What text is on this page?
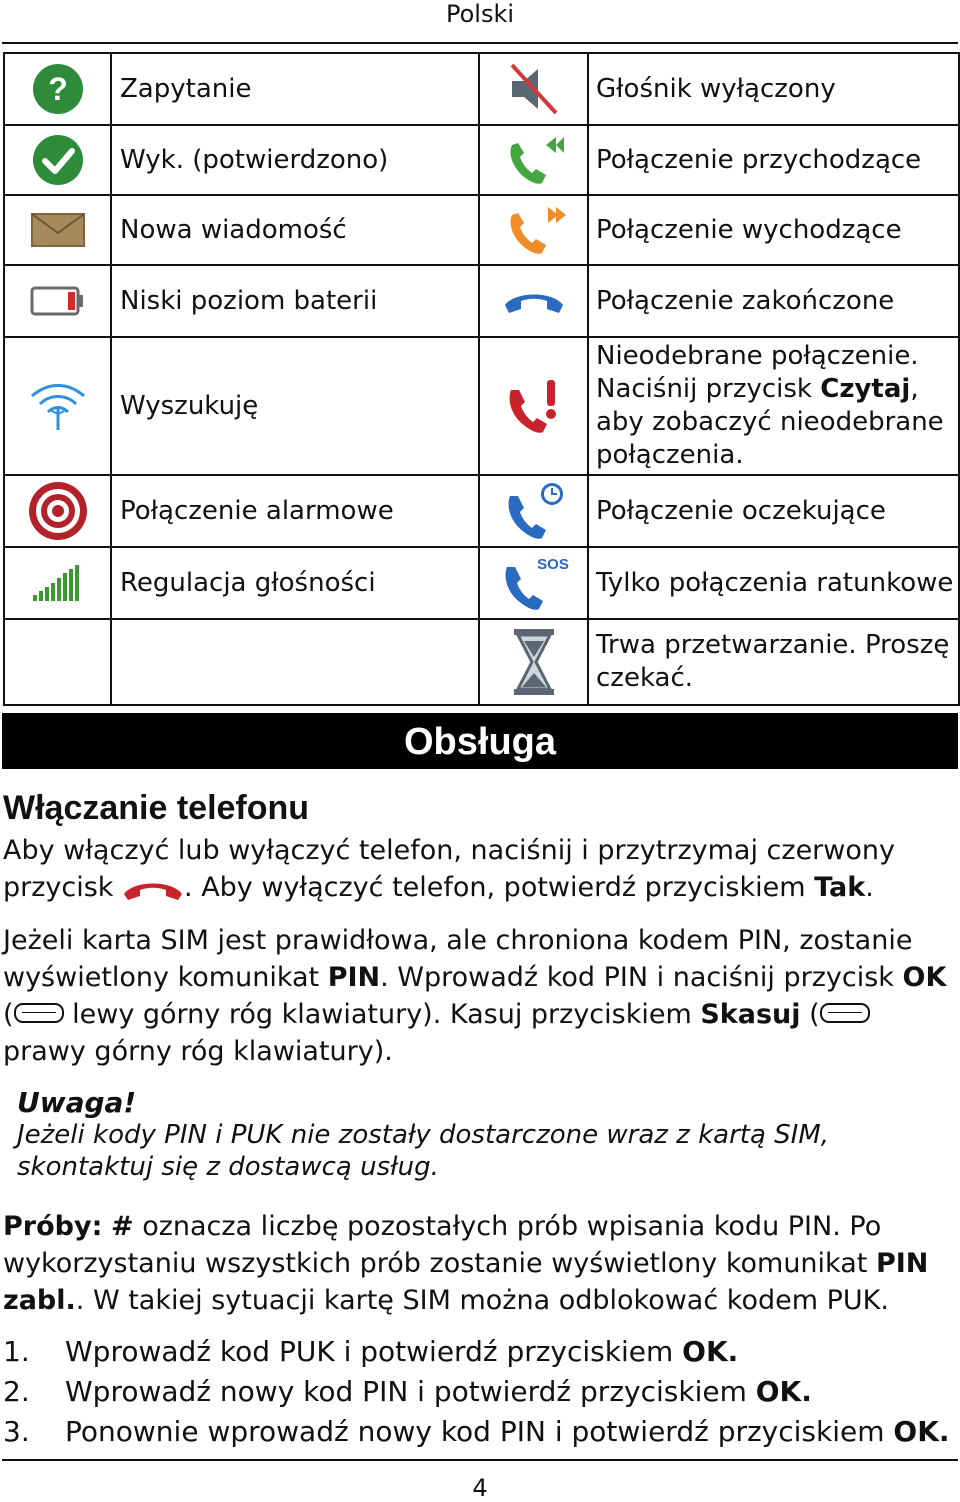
Polski
?	Zapytanie		Głośnik wyłączony
	Wyk. (potwierdzono)		Połączenie przychodzące
	Nowa wiadomość		Połączenie wychodzące
	Niski poziom baterii		Połączenie zakończone
	Wyszukuję		Nieodebrane połączenie. Naciśnij przycisk Czytaj, aby zobaczyć nieodebrane połączenia.
	Połączenie alarmowe		Połączenie oczekujące
	Regulacja głośności	SOS	Tylko połączenia ratunkowe
			Trwa przetwarzanie. Proszę czekać.
Obsługa
Włączanie telefonu
Aby włączyć lub wyłączyć telefon, naciśnij i przytrzymaj czerwony przycisk . Aby wyłączyć telefon, potwierdź przyciskiem Tak.
Jeżeli karta SIM jest prawidłowa, ale chroniona kodem PIN, zostanie wyświetlony komunikat PIN. Wprowadź kod PIN i naciśnij przycisk OK ( lewy górny róg klawiatury). Kasuj przyciskiem Skasuj ( prawy górny róg klawiatury).
Uwaga!
Jeżeli kody PIN i PUK nie zostały dostarczone wraz z kartą SIM, skontaktuj się z dostawcą usług.
Próby: # oznacza liczbę pozostałych prób wpisania kodu PIN. Po wykorzystaniu wszystkich prób zostanie wyświetlony komunikat PIN zabl.. W takiej sytuacji kartę SIM można odblokować kodem PUK.
1. Wprowadź kod PUK i potwierdź przyciskiem OK.
2. Wprowadź nowy kod PIN i potwierdź przyciskiem OK.
3. Ponownie wprowadź nowy kod PIN i potwierdź przyciskiem OK.
4
